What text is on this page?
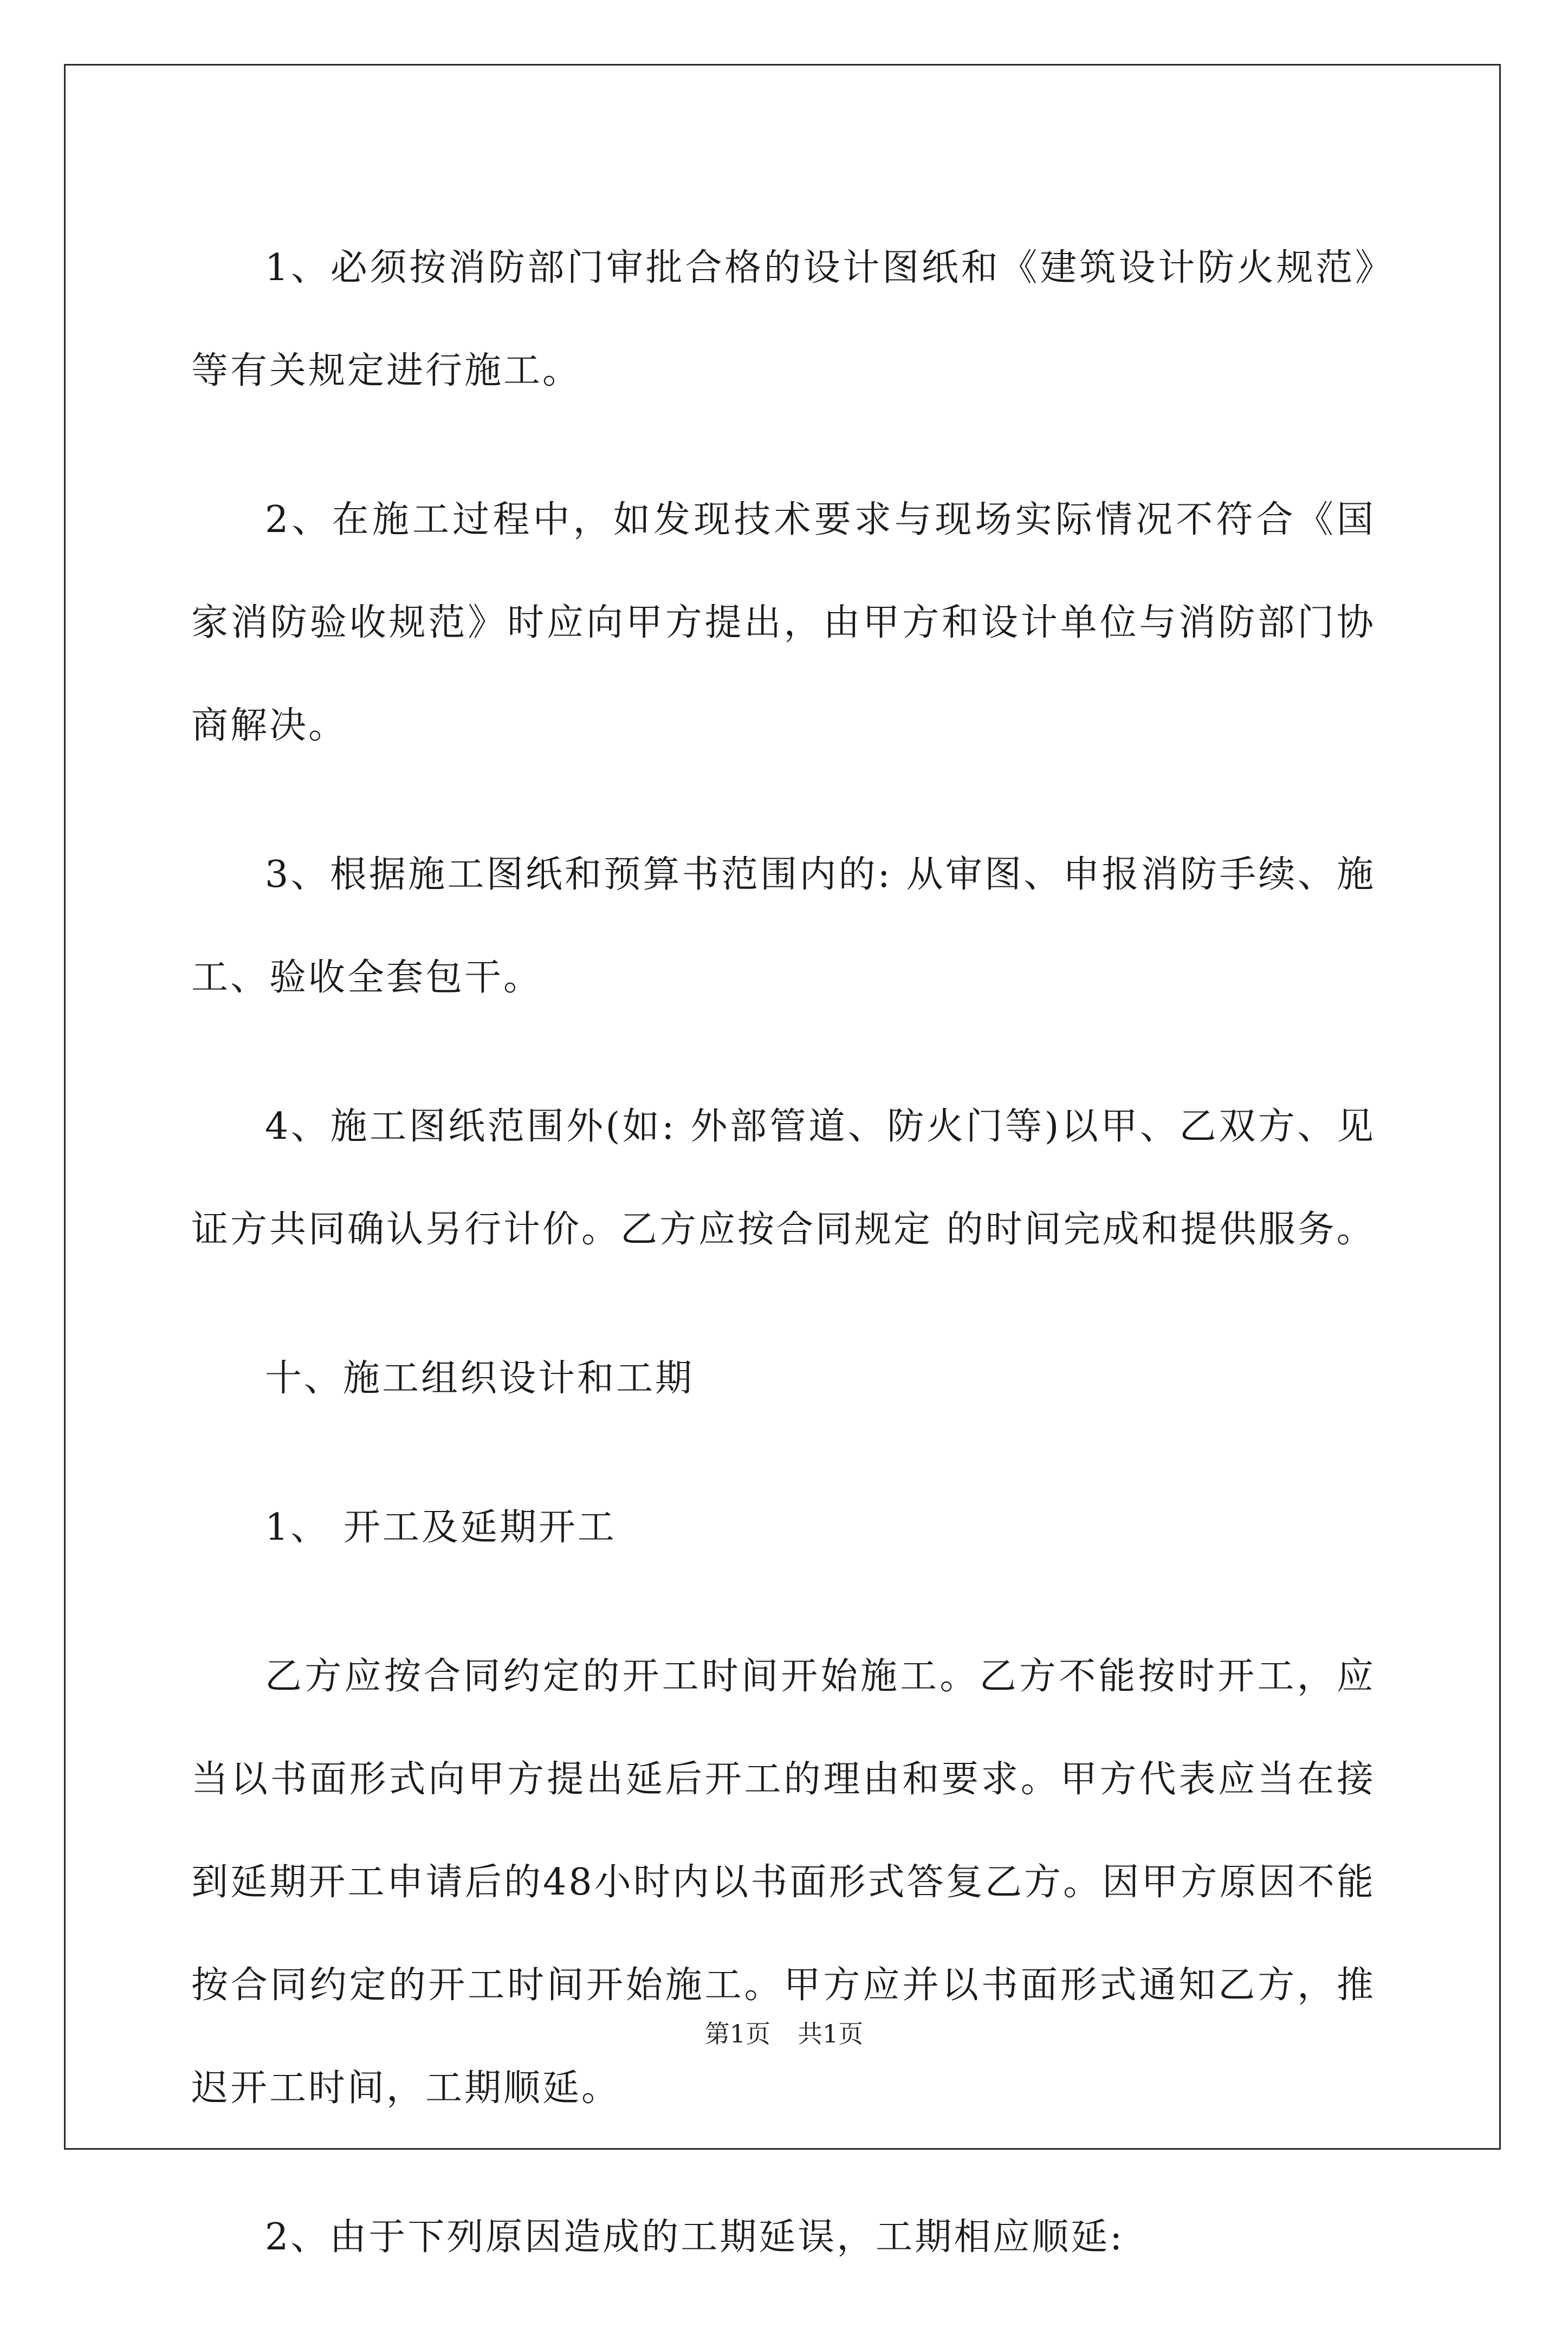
1、必须按消防部门审批合格的设计图纸和《建筑设计防火规范》等有关规定进行施工。

2、在施工过程中，如发现技术要求与现场实际情况不符合《国家消防验收规范》时应向甲方提出，由甲方和设计单位与消防部门协商解决。

3、根据施工图纸和预算书范围内的: 从审图、申报消防手续、施工、验收全套包干。

4、施工图纸范围外(如: 外部管道、防火门等)以甲、乙双方、见证方共同确认另行计价。乙方应按合同规定 的时间完成和提供服务。

十、施工组织设计和工期

1、 开工及延期开工

乙方应按合同约定的开工时间开始施工。乙方不能按时开工，应当以书面形式向甲方提出延后开工的理由和要求。甲方代表应当在接到延期开工申请后的48小时内以书面形式答复乙方。因甲方原因不能按合同约定的开工时间开始施工。甲方应并以书面形式通知乙方，推迟开工时间，工期顺延。

2、由于下列原因造成的工期延误，工期相应顺延:

第1页 共1页
